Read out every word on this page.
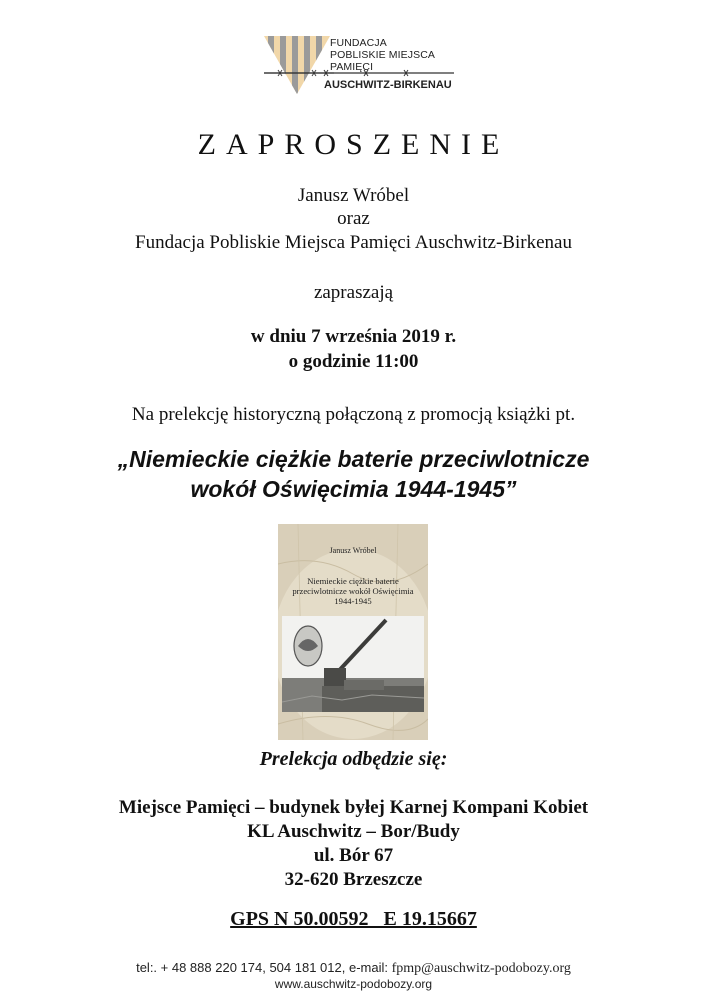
FUNDACJA
POBLISKIE MIEJSCA PAMIĘCI
AUSCHWITZ-BIRKENAU
ZAPROSZENIE
Janusz Wróbel
oraz
Fundacja Pobliskie Miejsca Pamięci Auschwitz-Birkenau
zapraszają
w dniu 7 września 2019 r.
o godzinie 11:00
Na prelekcję historyczną połączoną z promocją książki pt.
„Niemieckie ciężkie baterie przeciwlotnicze
wokół Oświęcimia 1944-1945”
Janusz Wróbel
Niemieckie ciężkie baterie
przeciwlotnicze wokół Oświęcimia
1944-1945
Prelekcja odbędzie się:
Miejsce Pamięci – budynek byłej Karnej Kompani Kobiet
KL Auschwitz – Bor/Budy
ul. Bór 67
32-620 Brzeszcze
GPS N 50.00592   E 19.15667
tel:. + 48 888 220 174, 504 181 012, e-mail: fpmp@auschwitz-podobozy.org
www.auschwitz-podobozy.org
